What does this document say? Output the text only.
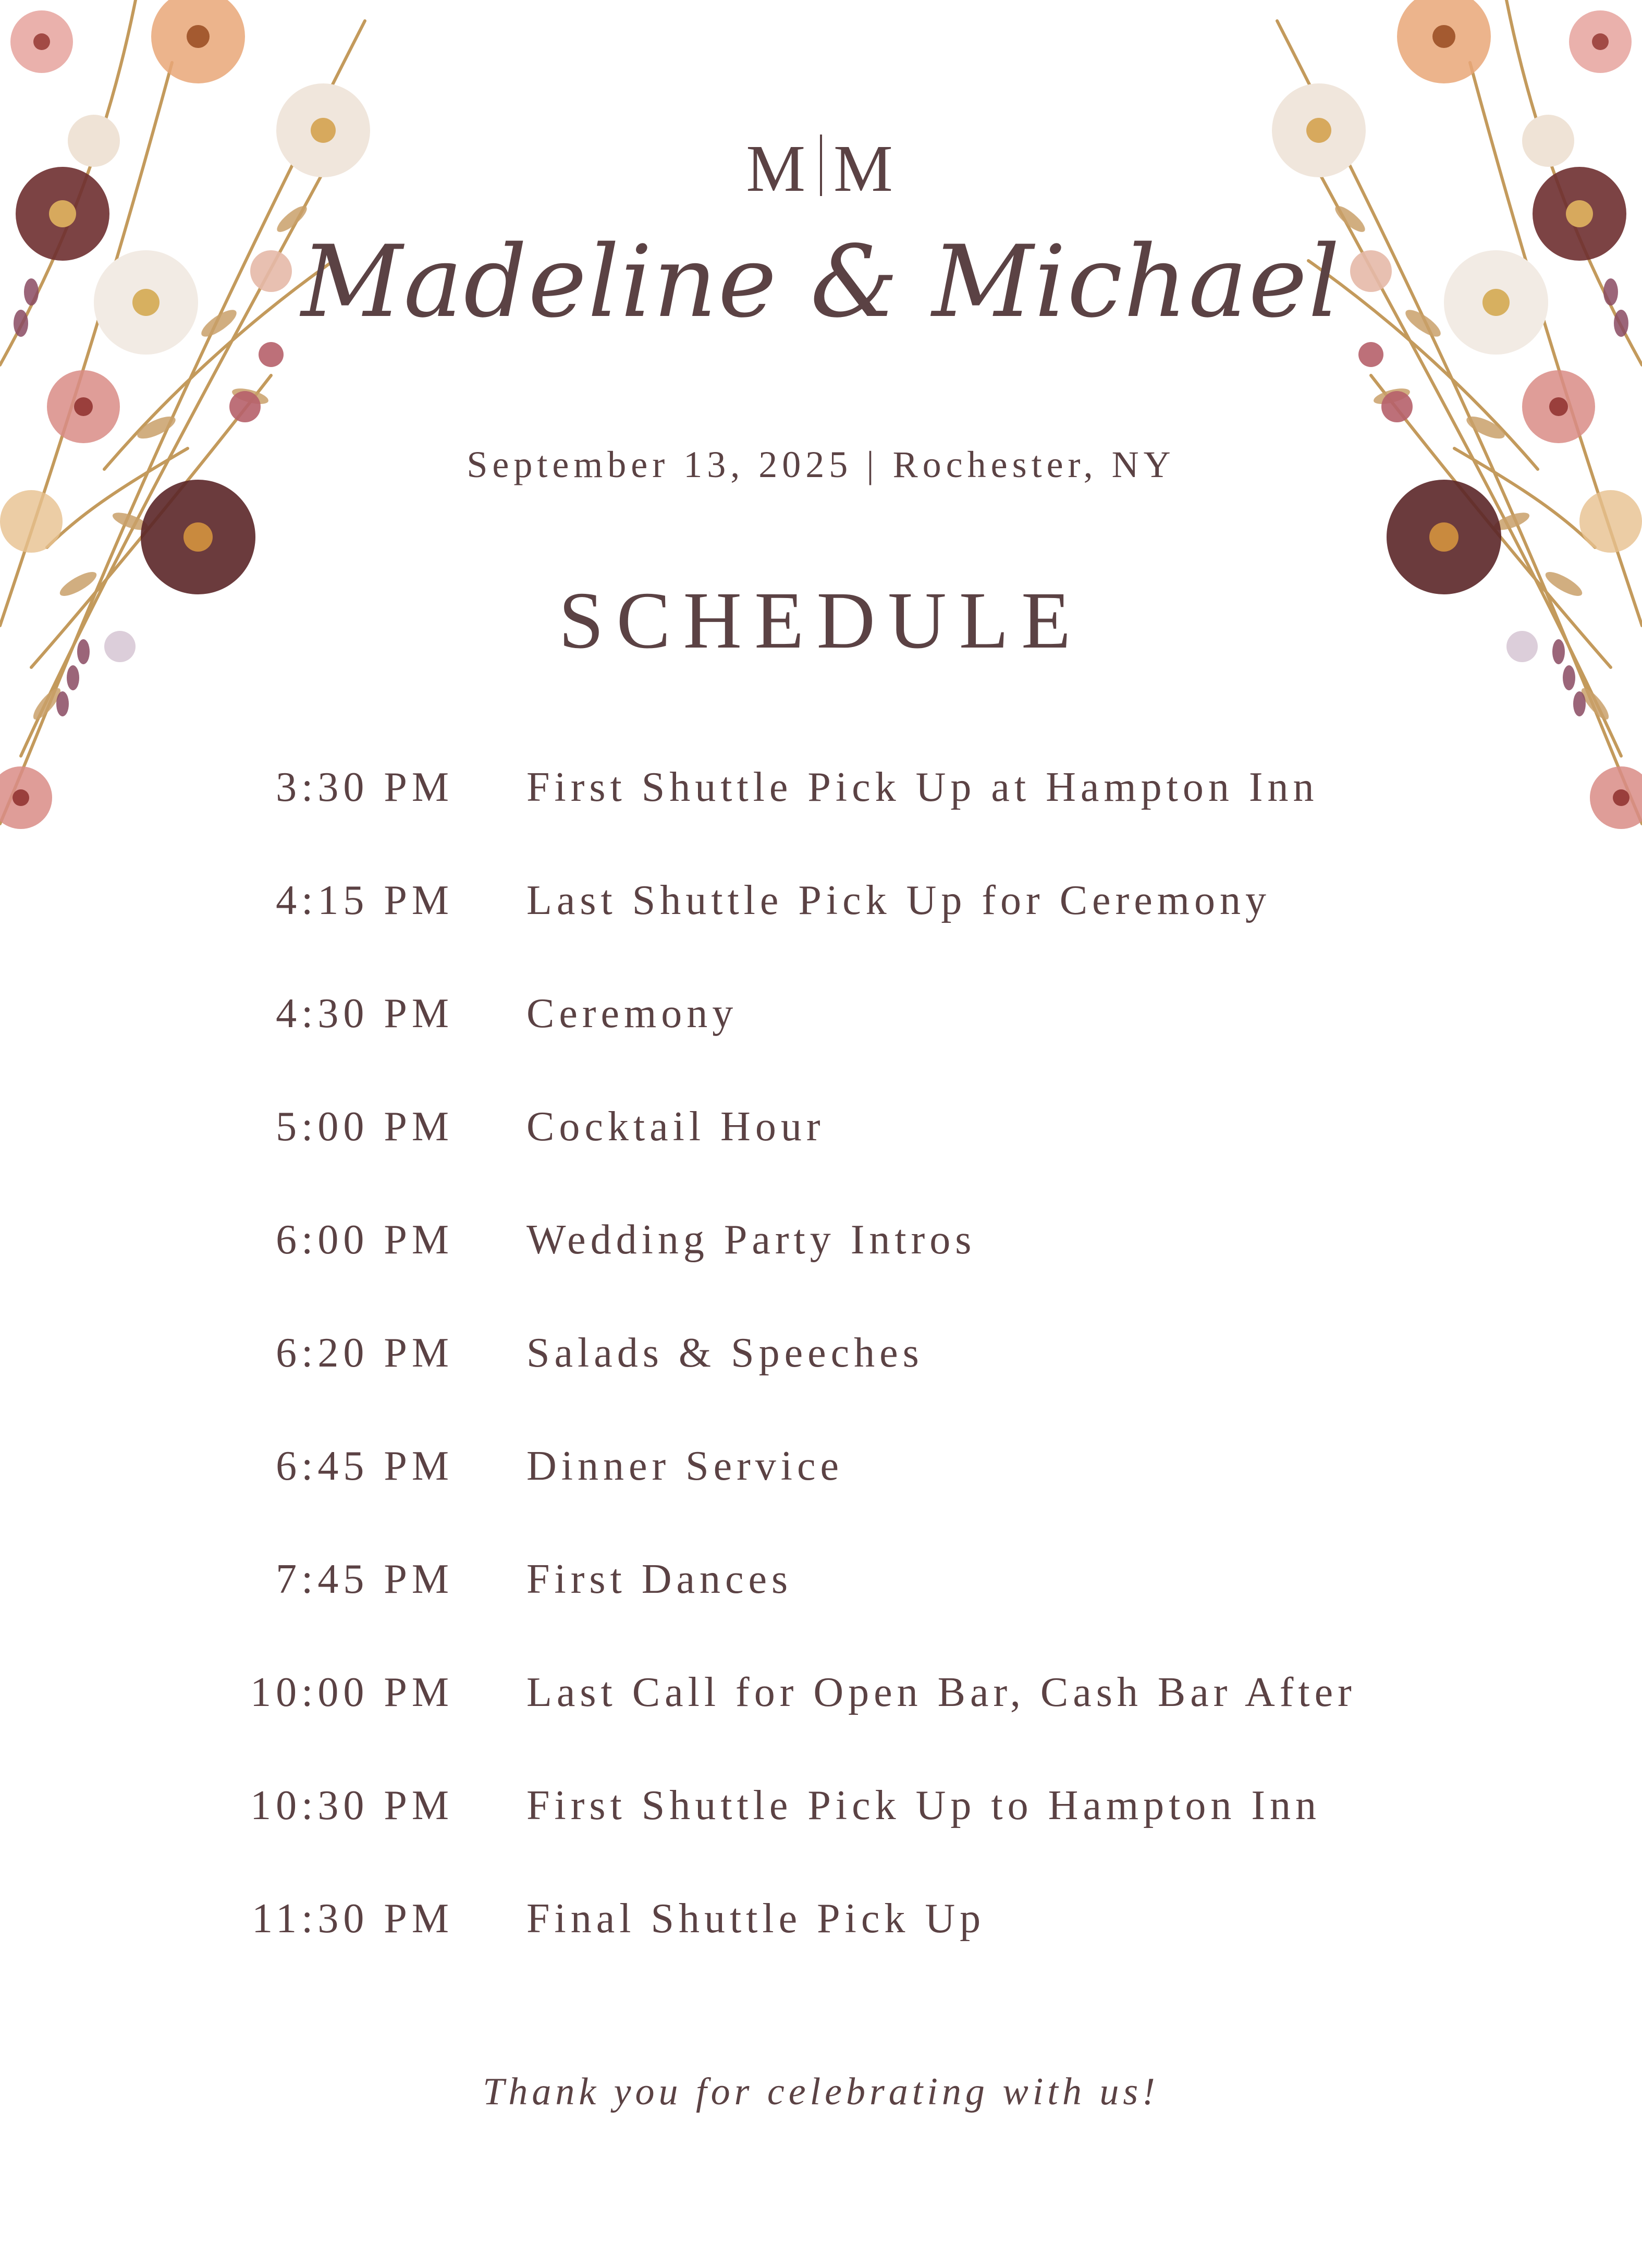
M M
Madeline & Michael
September 13, 2025 | Rochester, NY
SCHEDULE
3:30 PM First Shuttle Pick Up at Hampton Inn
4:15 PM Last Shuttle Pick Up for Ceremony
4:30 PM Ceremony
5:00 PM Cocktail Hour
6:00 PM Wedding Party Intros
6:20 PM Salads & Speeches
6:45 PM Dinner Service
7:45 PM First Dances
10:00 PM Last Call for Open Bar, Cash Bar After
10:30 PM First Shuttle Pick Up to Hampton Inn
11:30 PM Final Shuttle Pick Up
Thank you for celebrating with us!
